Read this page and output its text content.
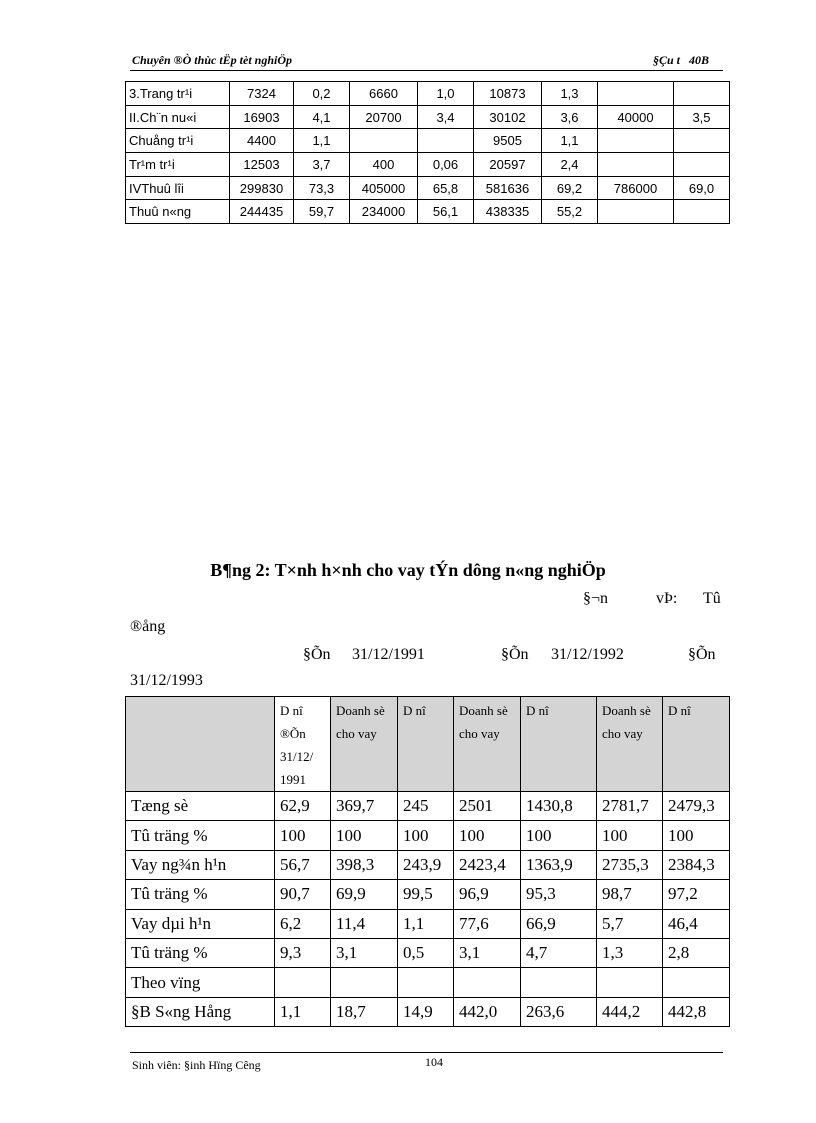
Chuyên ®Ò thùc tËp tèt nghiÖp	§Çu t   40B
3.Trang tr¹i	7324	0,2	6660	1,0	10873	1,3		
II.Ch¨n nu«i	16903	4,1	20700	3,4	30102	3,6	40000	3,5
Chuång tr¹i	4400	1,1			9505	1,1		
Tr¹m tr¹i	12503	3,7	400	0,06	20597	2,4		
IVThuû lîi	299830	73,3	405000	65,8	581636	69,2	786000	69,0
Thuû n«ng	244435	59,7	234000	56,1	438335	55,2		
B¶ng 2: T×nh h×nh cho vay tÝn dông n«ng nghiÖp
§¬n	vÞ: Tû
®ång
§Õn 31/12/1991	§Õn 31/12/1992	§Õn
31/12/1993
	D nî ®Õn 31/12/ 1991	Doanh sè cho vay	D nî	Doanh sè cho vay	D nî	Doanh sè cho vay	D nî
Tæng sè	62,9	369,7	245	2501	1430,8	2781,7	2479,3
Tû träng %	100	100	100	100	100	100	100
Vay ng¾n h¹n	56,7	398,3	243,9	2423,4	1363,9	2735,3	2384,3
Tû träng %	90,7	69,9	99,5	96,9	95,3	98,7	97,2
Vay dµi h¹n	6,2	11,4	1,1	77,6	66,9	5,7	46,4
Tû träng %	9,3	3,1	0,5	3,1	4,7	1,3	2,8
Theo vïng							
§B S«ng Hång	1,1	18,7	14,9	442,0	263,6	444,2	442,8
Sinh viên: §inh Hïng Cêng	104
